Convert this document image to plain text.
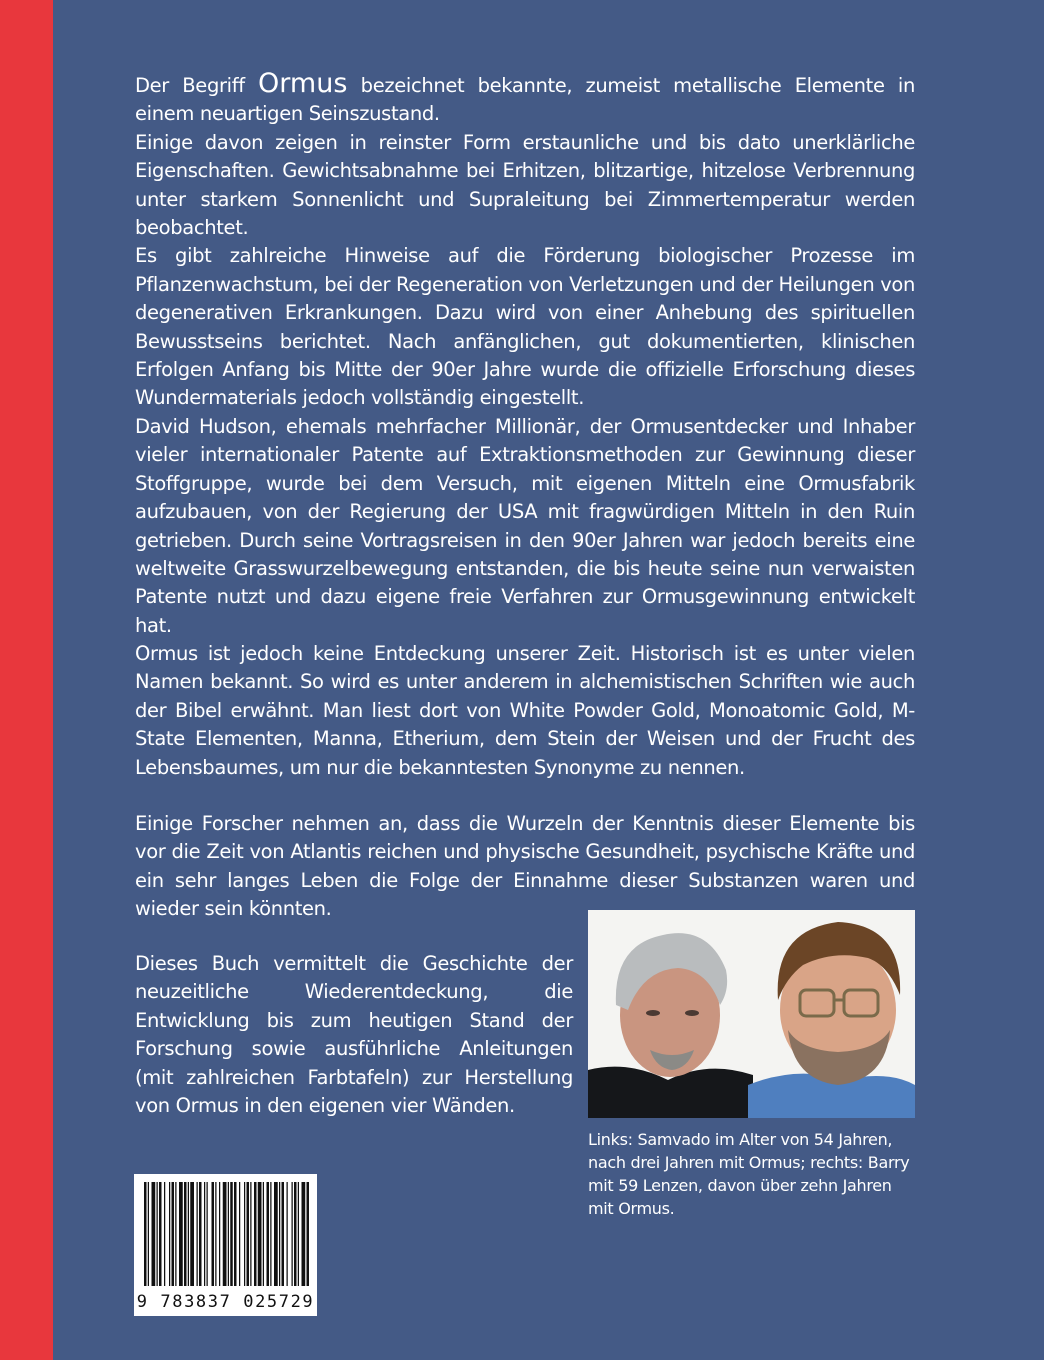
Der Begriff Ormus bezeichnet bekannte, zumeist metallische Elemente in einem neuartigen Seinszustand.

Einige davon zeigen in reinster Form erstaunliche und bis dato unerklärliche Eigenschaften. Gewichtsabnahme bei Erhitzen, blitzartige, hitzelose Verbrennung unter starkem Sonnenlicht und Supraleitung bei Zimmertemperatur werden beobachtet.

Es gibt zahlreiche Hinweise auf die Förderung biologischer Prozesse im Pflanzenwachstum, bei der Regeneration von Verletzungen und der Heilungen von degenerativen Erkrankungen. Dazu wird von einer Anhebung des spirituellen Bewusstseins berichtet. Nach anfänglichen, gut dokumentierten, klinischen Erfolgen Anfang bis Mitte der 90er Jahre wurde die offizielle Erforschung dieses Wundermaterials jedoch vollständig eingestellt.

David Hudson, ehemals mehrfacher Millionär, der Ormusentdecker und Inhaber vieler internationaler Patente auf Extraktionsmethoden zur Gewinnung dieser Stoffgruppe, wurde bei dem Versuch, mit eigenen Mitteln eine Ormusfabrik aufzubauen, von der Regierung der USA mit fragwürdigen Mitteln in den Ruin getrieben. Durch seine Vortragsreisen in den 90er Jahren war jedoch bereits eine weltweite Grasswurzelbewegung entstanden, die bis heute seine nun verwaisten Patente nutzt und dazu eigene freie Verfahren zur Ormusgewinnung entwickelt hat.

Ormus ist jedoch keine Entdeckung unserer Zeit. Historisch ist es unter vielen Namen bekannt. So wird es unter anderem in alchemistischen Schriften wie auch der Bibel erwähnt. Man liest dort von White Powder Gold, Monoatomic Gold, M-State Elementen, Manna, Etherium, dem Stein der Weisen und der Frucht des Lebensbaumes, um nur die bekanntesten Synonyme zu nennen.

Einige Forscher nehmen an, dass die Wurzeln der Kenntnis dieser Elemente bis vor die Zeit von Atlantis reichen und physische Gesundheit, psychische Kräfte und ein sehr langes Leben die Folge der Einnahme dieser Substanzen waren und wieder sein könnten.

Dieses Buch vermittelt die Geschichte der neuzeitliche Wiederentdeckung, die Entwicklung bis zum heutigen Stand der Forschung sowie ausführliche Anleitungen (mit zahlreichen Farbtafeln) zur Herstellung von Ormus in den eigenen vier Wänden.

Links: Samvado im Alter von 54 Jahren, nach drei Jahren mit Ormus; rechts: Barry mit 59 Lenzen, davon über zehn Jahren mit Ormus.
9 783837 025729
